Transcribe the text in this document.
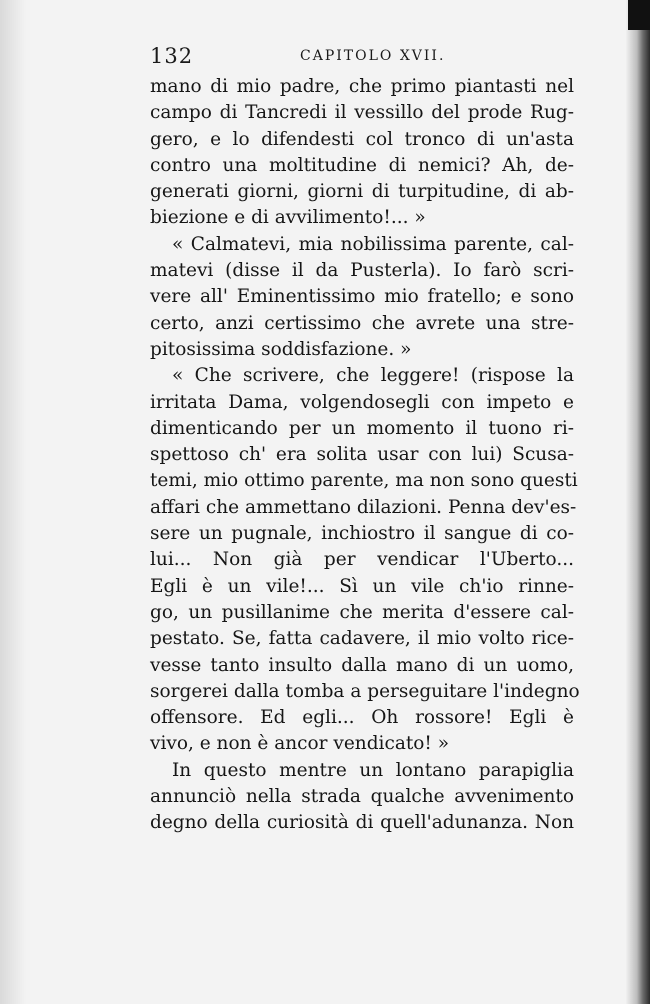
132	CAPITOLO XVII.
mano di mio padre, che primo piantasti nel
campo di Tancredi il vessillo del prode Rug-
gero, e lo difendesti col tronco di un'asta
contro una moltitudine di nemici? Ah, de-
generati giorni, giorni di turpitudine, di ab-
biezione e di avvilimento!... »
« Calmatevi, mia nobilissima parente, cal-
matevi (disse il da Pusterla). Io farò scri-
vere all' Eminentissimo mio fratello; e sono
certo, anzi certissimo che avrete una stre-
pitosissima soddisfazione. »
« Che scrivere, che leggere! (rispose la
irritata Dama, volgendosegli con impeto e
dimenticando per un momento il tuono ri-
spettoso ch' era solita usar con lui) Scusa-
temi, mio ottimo parente, ma non sono questi
affari che ammettano dilazioni. Penna dev'es-
sere un pugnale, inchiostro il sangue di co-
lui... Non già per vendicar l'Uberto...
Egli è un vile!... Sì un vile ch'io rinne-
go, un pusillanime che merita d'essere cal-
pestato. Se, fatta cadavere, il mio volto rice-
vesse tanto insulto dalla mano di un uomo,
sorgerei dalla tomba a perseguitare l'indegno
offensore. Ed egli... Oh rossore! Egli è
vivo, e non è ancor vendicato! »
In questo mentre un lontano parapiglia
annunciò nella strada qualche avvenimento
degno della curiosità di quell'adunanza. Non
